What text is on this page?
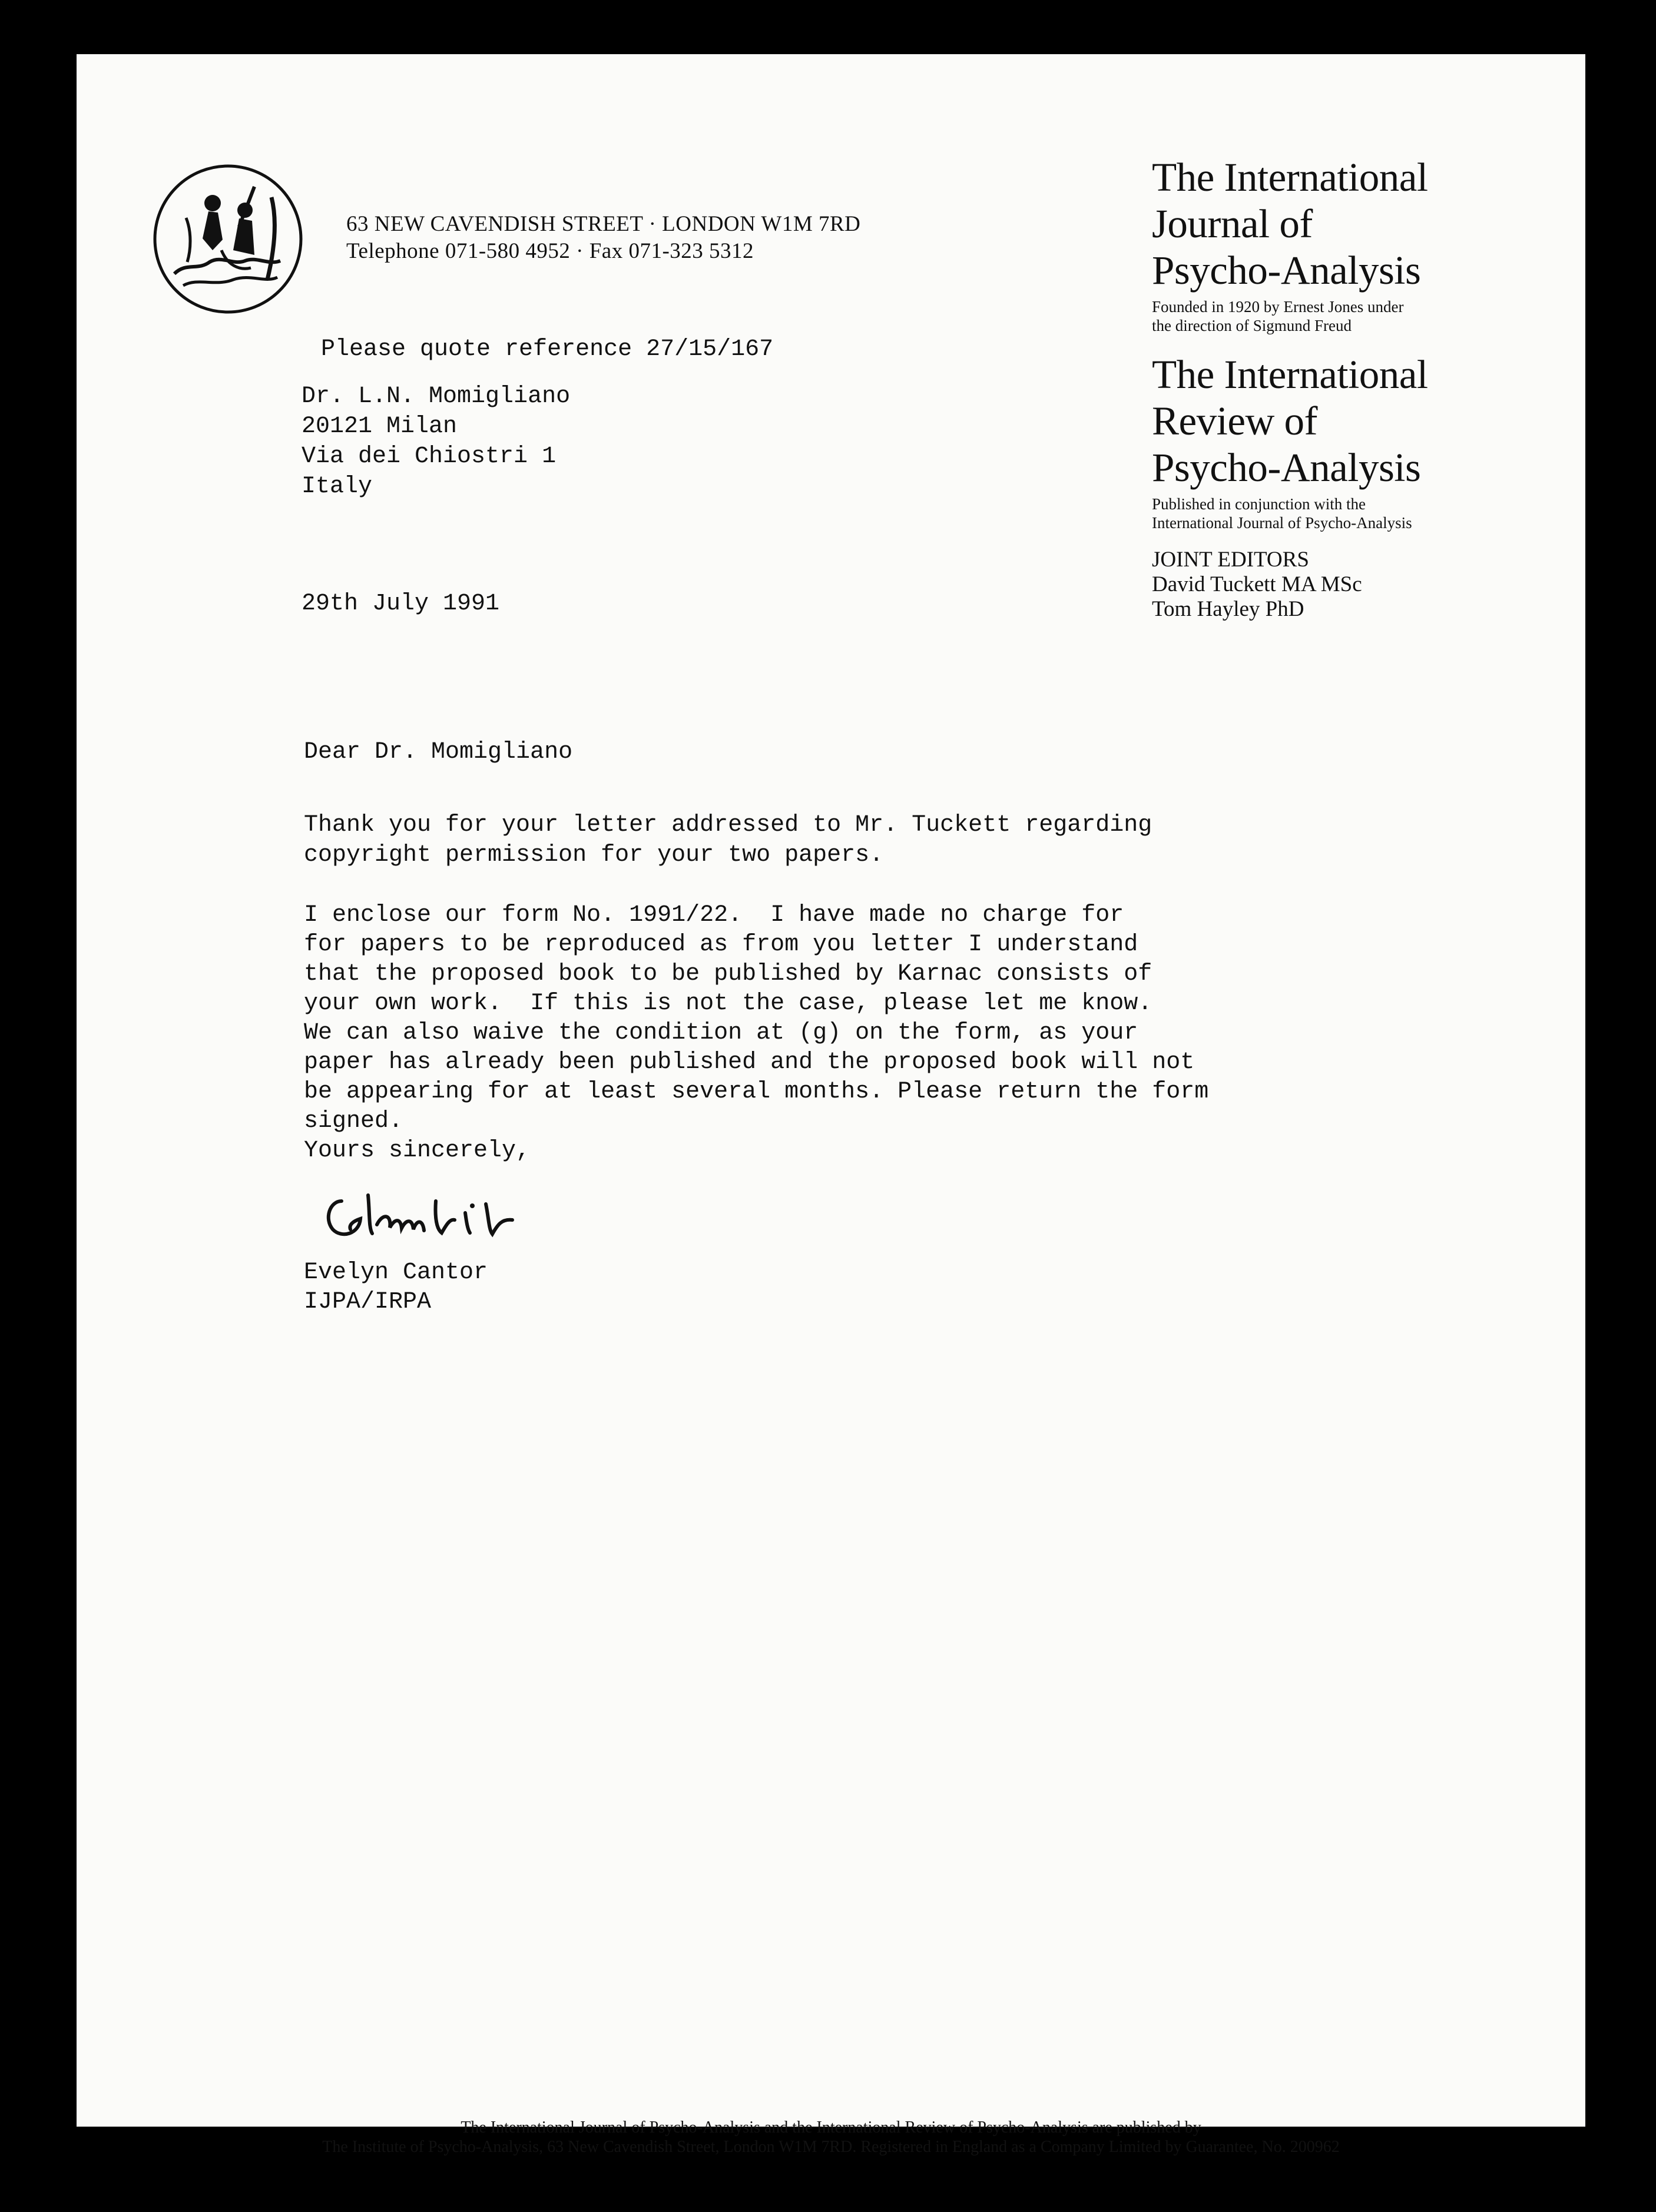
63 NEW CAVENDISH STREET · LONDON W1M 7RD
Telephone 071-580 4952 · Fax 071-323 5312
The International
Journal of
Psycho-Analysis
Founded in 1920 by Ernest Jones under
the direction of Sigmund Freud
The International
Review of
Psycho-Analysis
Published in conjunction with the
International Journal of Psycho-Analysis
JOINT EDITORS
David Tuckett MA MSc
Tom Hayley PhD
Please quote reference 27/15/167
Dr. L.N. Momigliano
20121 Milan
Via dei Chiostri 1
Italy
29th July 1991
Dear Dr. Momigliano
Thank you for your letter addressed to Mr. Tuckett regarding
copyright permission for your two papers.
I enclose our form No. 1991/22.  I have made no charge for
for papers to be reproduced as from you letter I understand
that the proposed book to be published by Karnac consists of
your own work.  If this is not the case, please let me know.
We can also waive the condition at (g) on the form, as your
paper has already been published and the proposed book will not
be appearing for at least several months. Please return the form
signed.
Yours sincerely,
Evelyn Cantor
IJPA/IRPA
The International Journal of Psycho-Analysis and the International Review of Psycho-Analysis are published by
The Institute of Psycho-Analysis, 63 New Cavendish Street, London W1M 7RD. Registered in England as a Company Limited by Guarantee, No. 200962
